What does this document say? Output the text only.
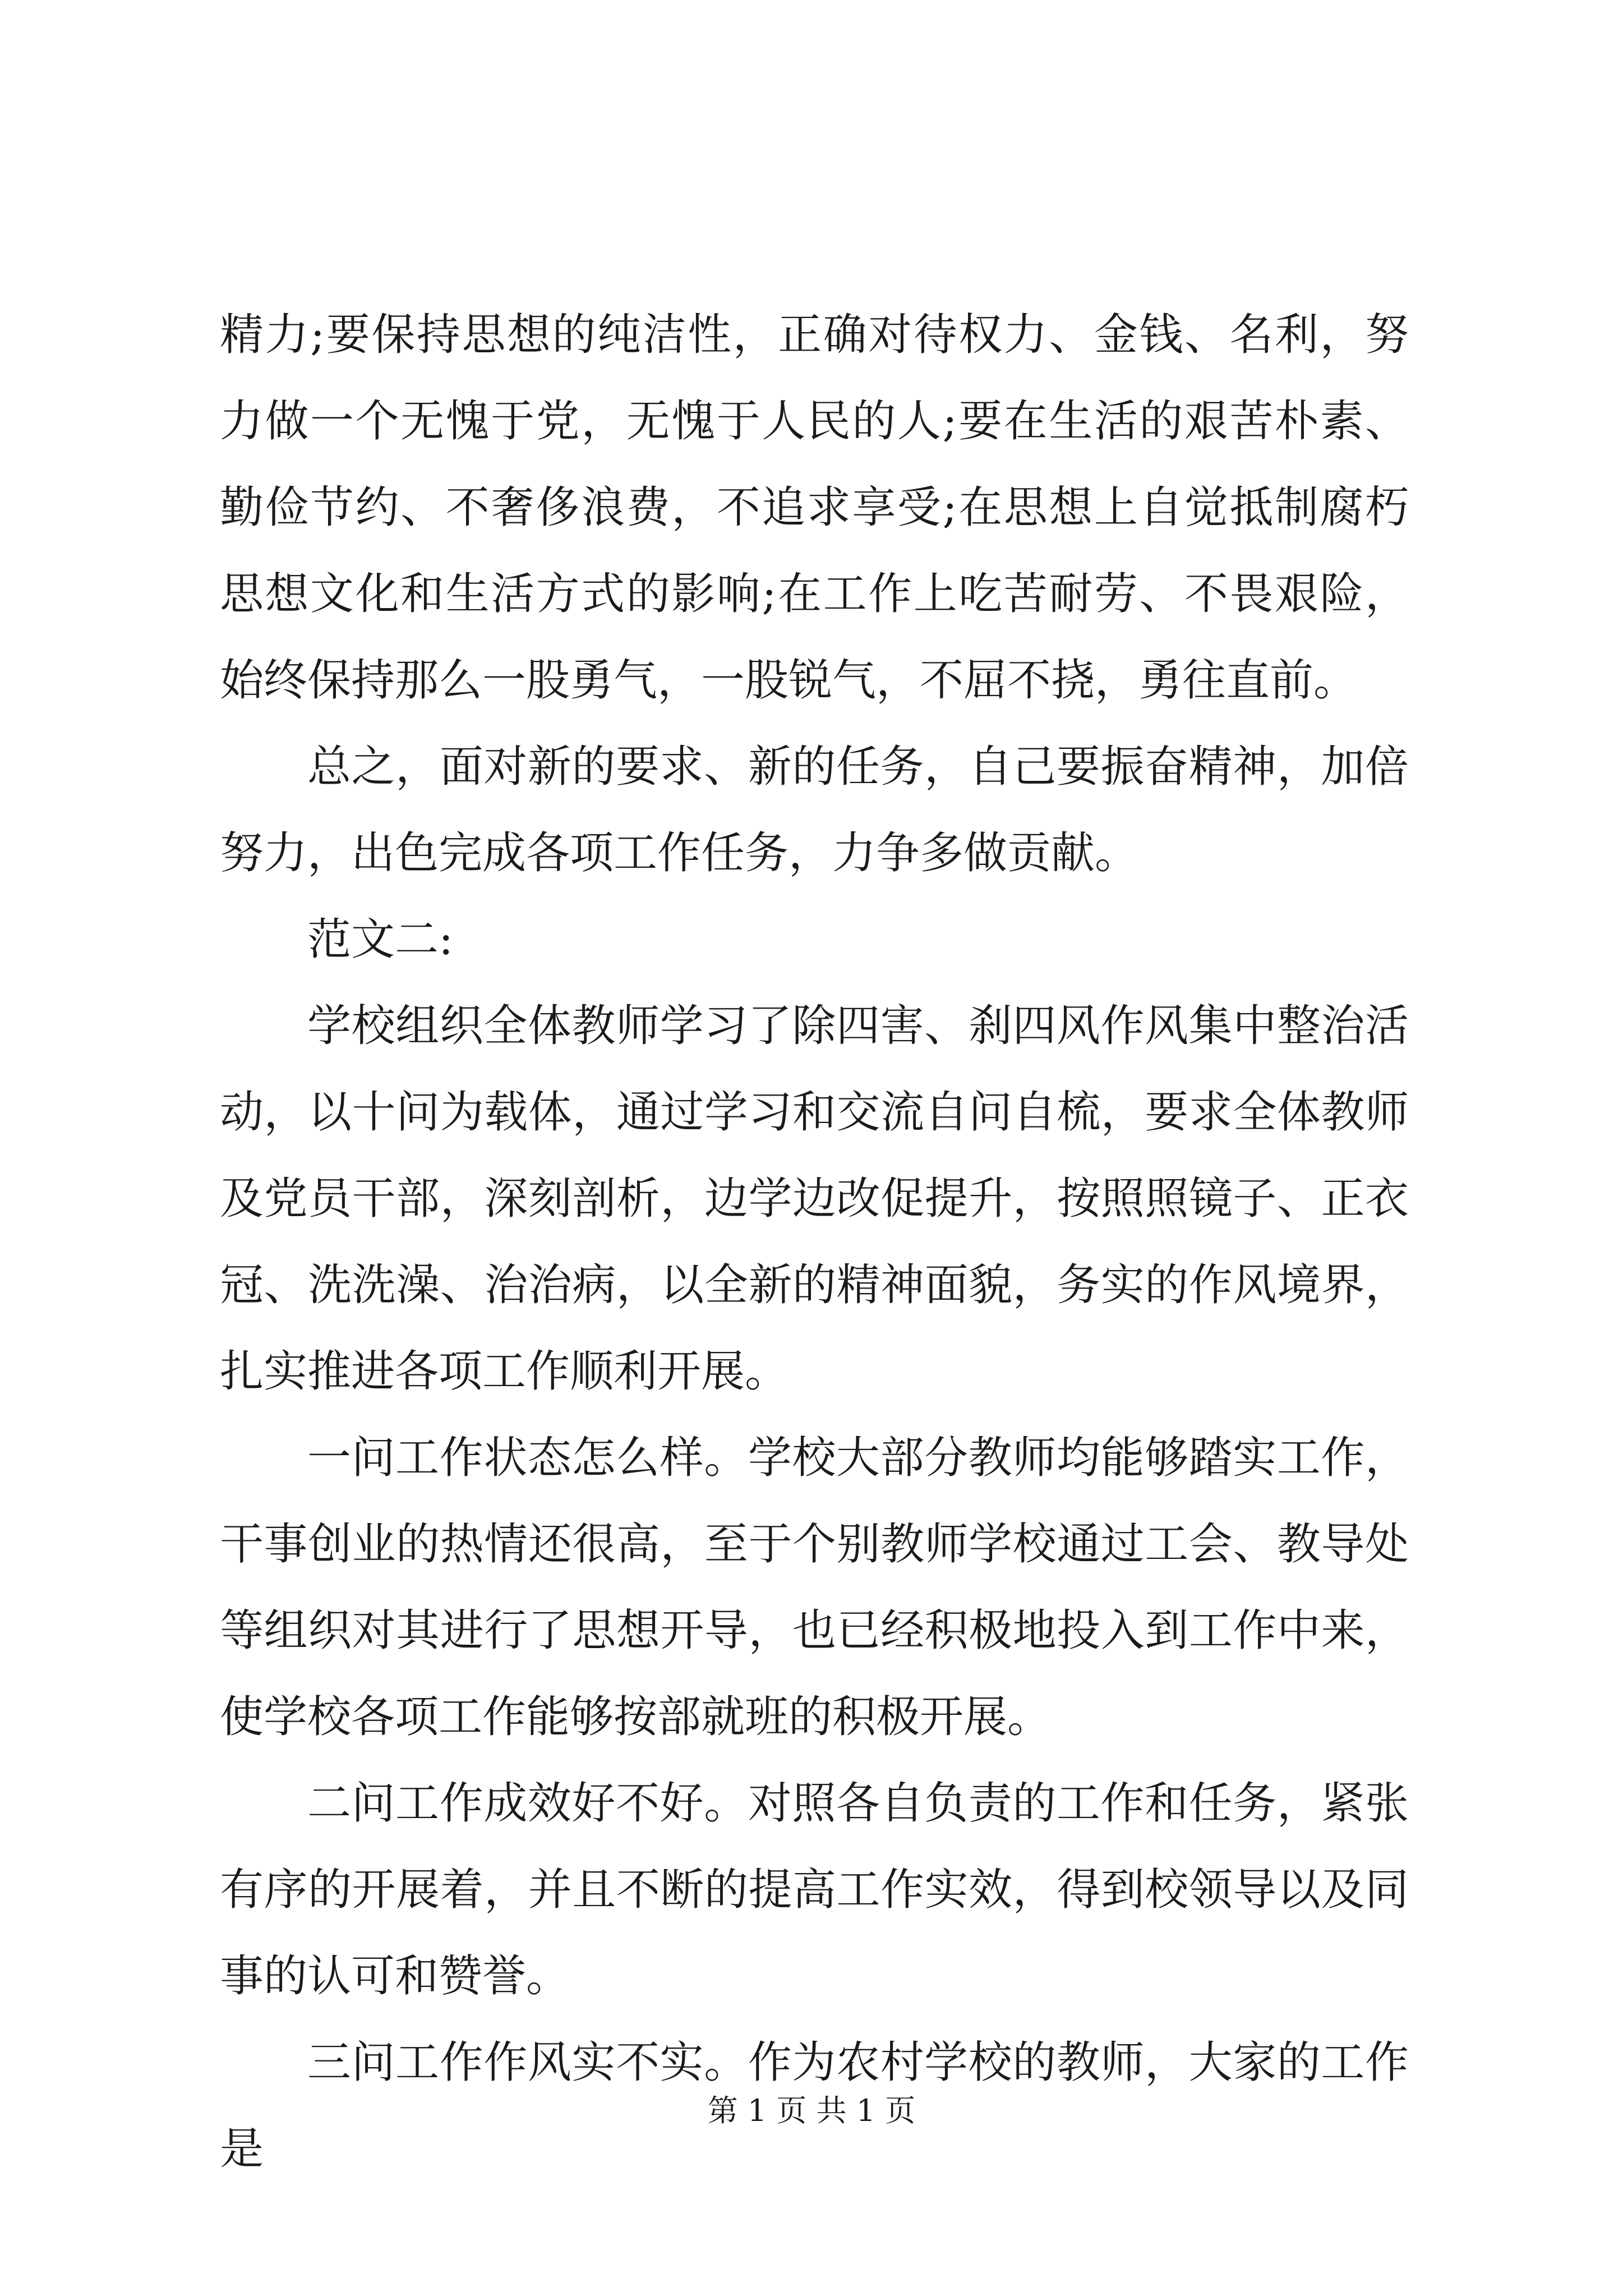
精力;要保持思想的纯洁性，正确对待权力、金钱、名利，努力做一个无愧于党，无愧于人民的人;要在生活的艰苦朴素、勤俭节约、不奢侈浪费，不追求享受;在思想上自觉抵制腐朽思想文化和生活方式的影响;在工作上吃苦耐劳、不畏艰险，始终保持那么一股勇气，一股锐气，不屈不挠，勇往直前。

总之，面对新的要求、新的任务，自己要振奋精神，加倍努力，出色完成各项工作任务，力争多做贡献。

范文二:

学校组织全体教师学习了除四害、刹四风作风集中整治活动，以十问为载体，通过学习和交流自问自梳，要求全体教师及党员干部，深刻剖析，边学边改促提升，按照照镜子、正衣冠、洗洗澡、治治病，以全新的精神面貌，务实的作风境界，扎实推进各项工作顺利开展。

一问工作状态怎么样。学校大部分教师均能够踏实工作，干事创业的热情还很高，至于个别教师学校通过工会、教导处等组织对其进行了思想开导，也已经积极地投入到工作中来，使学校各项工作能够按部就班的积极开展。

二问工作成效好不好。对照各自负责的工作和任务，紧张有序的开展着，并且不断的提高工作实效，得到校领导以及同事的认可和赞誉。

三问工作作风实不实。作为农村学校的教师，大家的工作是

第 1 页 共 1 页
